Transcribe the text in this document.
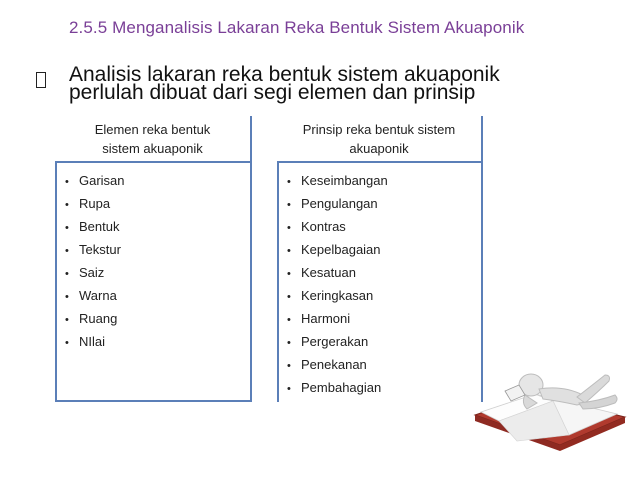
2.5.5 Menganalisis Lakaran Reka Bentuk Sistem Akuaponik
Analisis lakaran reka bentuk sistem akuaponik
perlulah dibuat dari segi elemen dan prinsip
Elemen reka bentuk
sistem akuaponik
• Garisan
• Rupa
• Bentuk
• Tekstur
• Saiz
• Warna
• Ruang
• NIlai
Prinsip reka bentuk sistem
akuaponik
• Keseimbangan
• Pengulangan
• Kontras
• Kepelbagaian
• Kesatuan
• Keringkasan
• Harmoni
• Pergerakan
• Penekanan
• Pembahagian
